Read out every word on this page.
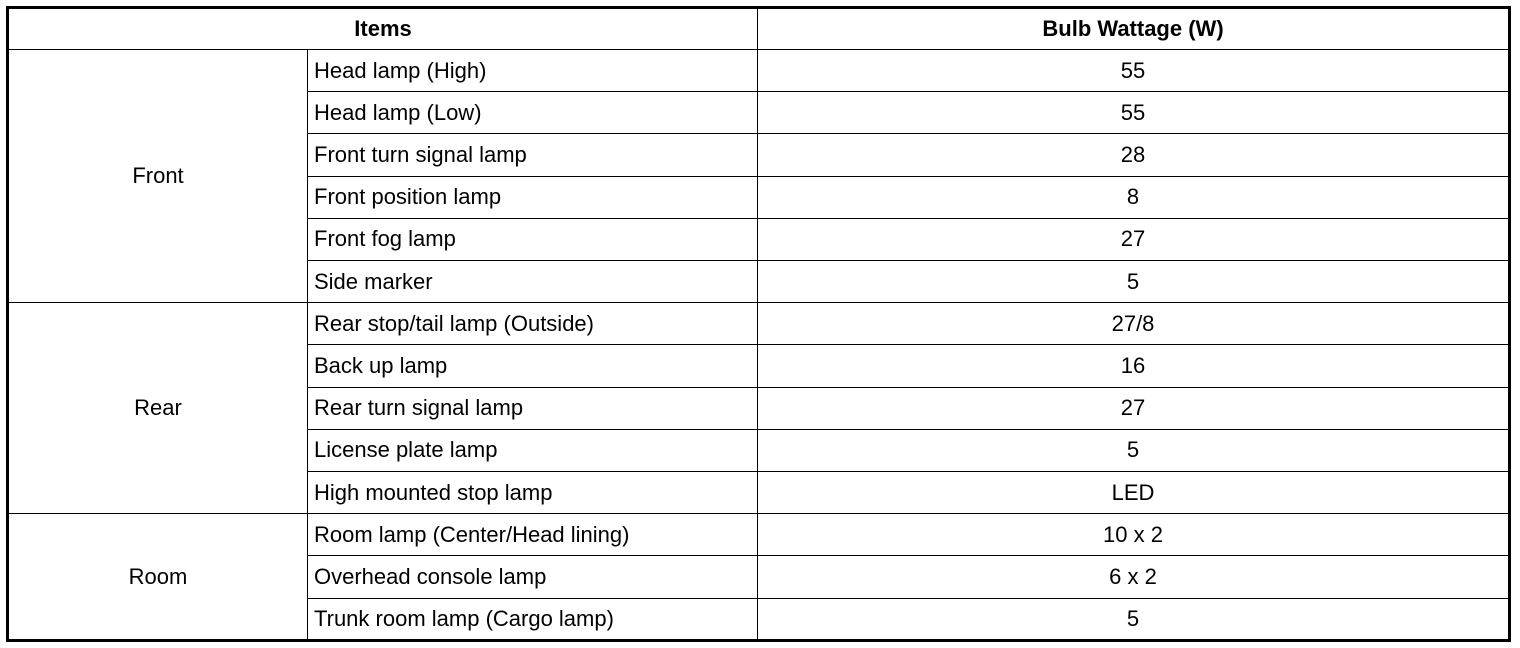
Items		Bulb Wattage (W)
Front	Head lamp (High)	55
	Head lamp (Low)	55
	Front turn signal lamp	28
	Front position lamp	8
	Front fog lamp	27
	Side marker	5
Rear	Rear stop/tail lamp (Outside)	27/8
	Back up lamp	16
	Rear turn signal lamp	27
	License plate lamp	5
	High mounted stop lamp	LED
Room	Room lamp (Center/Head lining)	10 x 2
	Overhead console lamp	6 x 2
	Trunk room lamp (Cargo lamp)	5
